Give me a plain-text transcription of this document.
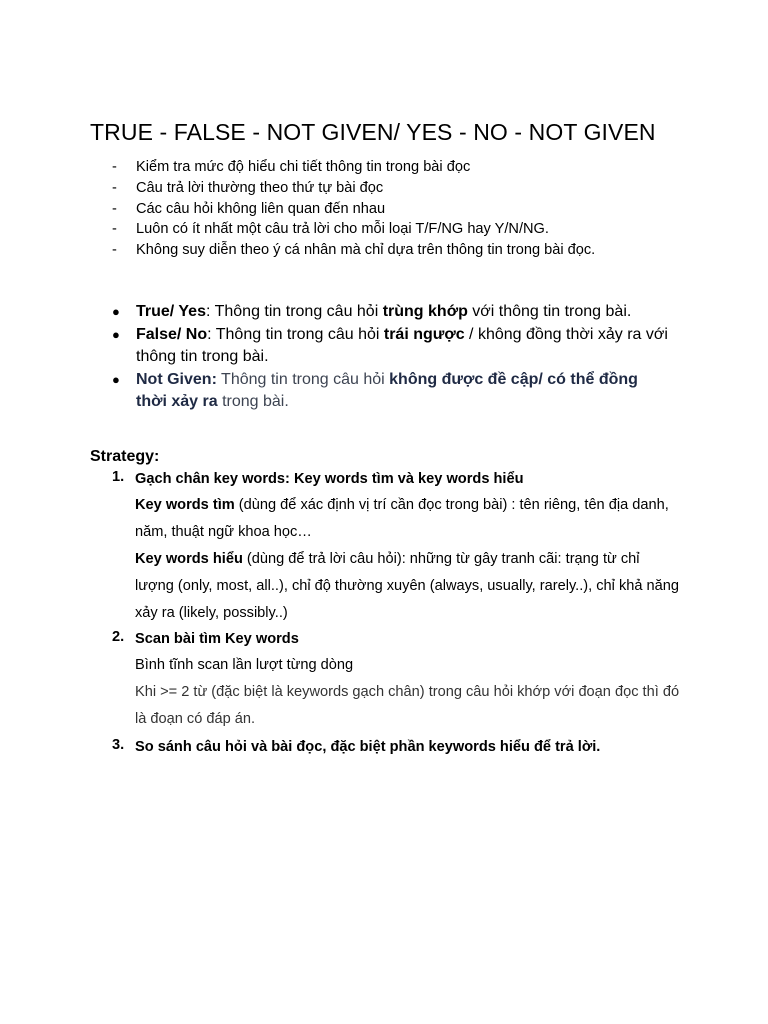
TRUE - FALSE - NOT GIVEN/ YES - NO - NOT GIVEN
- Kiểm tra mức độ hiểu chi tiết thông tin trong bài đọc
- Câu trả lời thường theo thứ tự bài đọc
- Các câu hỏi không liên quan đến nhau
- Luôn có ít nhất một câu trả lời cho mỗi loại T/F/NG hay Y/N/NG.
- Không suy diễn theo ý cá nhân mà chỉ dựa trên thông tin trong bài đọc.
● True/ Yes: Thông tin trong câu hỏi trùng khớp với thông tin trong bài.
● False/ No: Thông tin trong câu hỏi trái ngược / không đồng thời xảy ra với thông tin trong bài.
● Not Given: Thông tin trong câu hỏi không được đề cập/ có thể đồng thời xảy ra trong bài.
Strategy:
1. Gạch chân key words: Key words tìm và key words hiểu
Key words tìm (dùng để xác định vị trí cần đọc trong bài) : tên riêng, tên địa danh, năm, thuật ngữ khoa học…
Key words hiểu (dùng để trả lời câu hỏi): những từ gây tranh cãi: trạng từ chỉ lượng (only, most, all..), chỉ độ thường xuyên (always, usually, rarely..), chỉ khả năng xảy ra (likely, possibly..)
2. Scan bài tìm Key words
Bình tĩnh scan lần lượt từng dòng
Khi >= 2 từ (đặc biệt là keywords gạch chân) trong câu hỏi khớp với đoạn đọc thì đó là đoạn có đáp án.
3. So sánh câu hỏi và bài đọc, đặc biệt phần keywords hiểu để trả lời.
